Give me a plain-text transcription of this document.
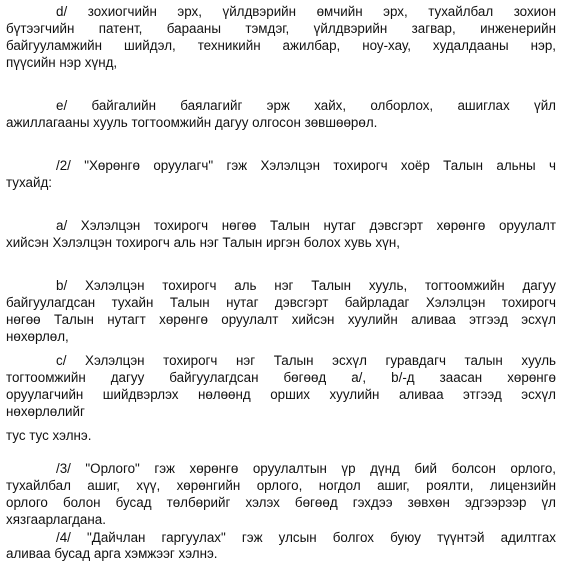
d/ зохиогчийн эрх, үйлдвэрийн өмчийн эрх, тухайлбал зохион
бүтээгчийн патент, барааны тэмдэг, үйлдвэрийн загвар, инженерийн
байгууламжийн шийдэл, техникийн ажилбар, ноу-хау, худалдааны нэр,
пүүсийн нэр хүнд,
e/ байгалийн баялагийг эрж хайх, олборлох, ашиглах үйл
ажиллагааны хууль тогтоомжийн дагуу олгосон зөвшөөрөл.
/2/ "Хөрөнгө оруулагч" гэж Хэлэлцэн тохирогч хоёр Талын альны ч
тухайд:
a/ Хэлэлцэн тохирогч нөгөө Талын нутаг дэвсгэрт хөрөнгө оруулалт
хийсэн Хэлэлцэн тохирогч аль нэг Талын иргэн болох хувь хүн,
b/ Хэлэлцэн тохирогч аль нэг Талын хууль, тогтоомжийн дагуу
байгуулагдсан тухайн Талын нутаг дэвсгэрт байрладаг Хэлэлцэн тохирогч
нөгөө Талын нутагт хөрөнгө оруулалт хийсэн хуулийн аливаа этгээд эсхүл
нөхөрлөл,
c/ Хэлэлцэн тохирогч нэг Талын эсхүл гуравдагч талын хууль
тогтоомжийн дагуу байгуулагдсан бөгөөд a/, b/-д заасан хөрөнгө
оруулагчийн шийдвэрлэх нөлөөнд орших хуулийн аливаа этгээд эсхүл
нөхөрлөлийг
тус тус хэлнэ.
/3/ "Орлого" гэж хөрөнгө оруулалтын үр дүнд бий болсон орлого,
тухайлбал ашиг, хүү, хөрөнгийн орлого, ногдол ашиг, роялти, лицензийн
орлого болон бусад төлбөрийг хэлэх бөгөөд гэхдээ зөвхөн эдгээрээр үл
хязгаарлагдана.
/4/ "Дайчлан гаргуулах" гэж улсын болгох буюу түүнтэй адилтгах
аливаа бусад арга хэмжээг хэлнэ.
